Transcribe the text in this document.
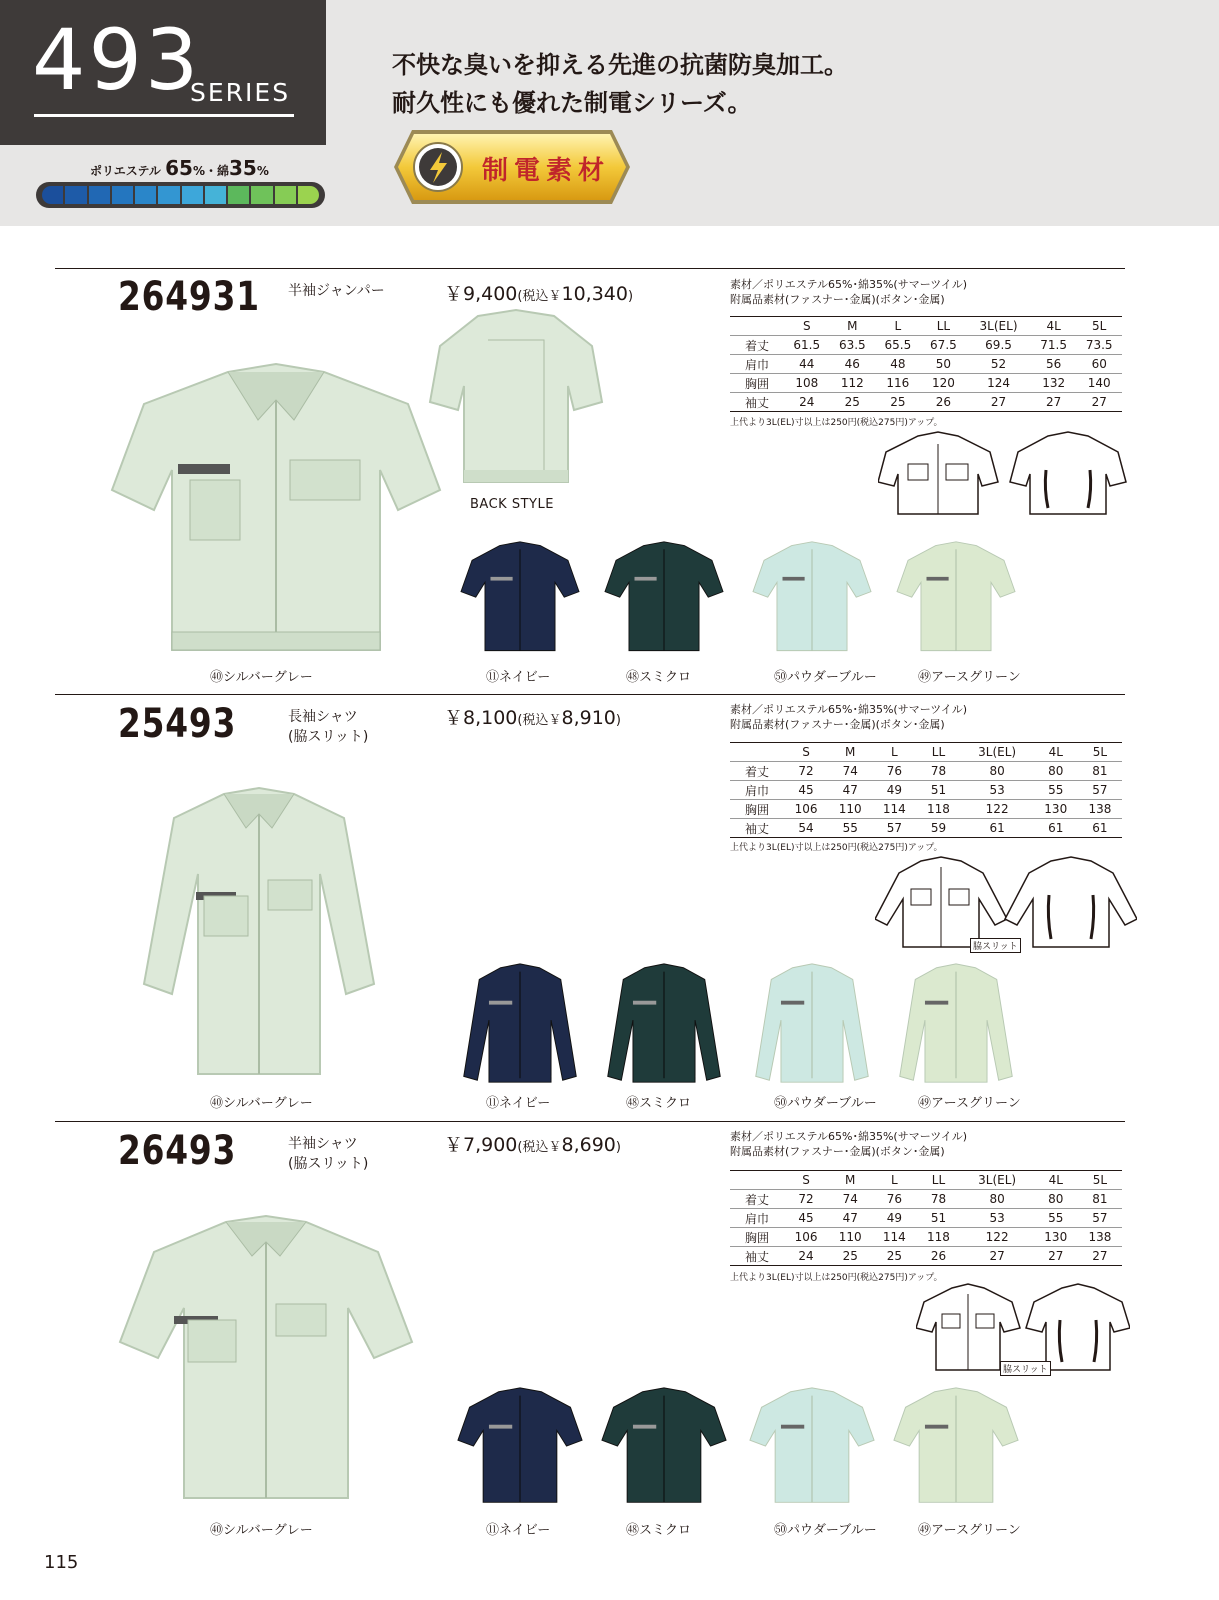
493
SERIES
不快な臭いを抑える先進の抗菌防臭加工。
耐久性にも優れた制電シリーズ。
ポリエステル 65%・綿35%	制電素材
264931 半袖ジャンパー	￥9,400(税込￥10,340)
素材／ポリエステル65%･綿35%(サマーツイル)
附属品素材(ファスナー･金属)(ボタン･金属)
	S	M	L	LL	3L(EL)	4L	5L
着丈	61.5	63.5	65.5	67.5	69.5	71.5	73.5
肩巾	44	46	48	50	52	56	60
胸囲	108	112	116	120	124	132	140
袖丈	24	25	25	26	27	27	27
上代より3L(EL)寸以上は250円(税込275円)アップ。
㊵シルバーグレー
BACK STYLE
25493	長袖シャツ
(脇スリット)
￥8,100(税込￥8,910)
素材／ポリエステル65%･綿35%(サマーツイル)
附属品素材(ファスナー･金属)(ボタン･金属)
	S	M	L	LL	3L(EL)	4L	5L
着丈	72	74	76	78	80	80	81
肩巾	45	47	49	51	53	55	57
胸囲	106	110	114	118	122	130	138
袖丈	54	55	57	59	61	61	61
上代より3L(EL)寸以上は250円(税込275円)アップ。
㊵シルバーグレー
脇スリット
26493	半袖シャツ
(脇スリット)
￥7,900(税込￥8,690)
素材／ポリエステル65%･綿35%(サマーツイル)
附属品素材(ファスナー･金属)(ボタン･金属)
	S	M	L	LL	3L(EL)	4L	5L
着丈	72	74	76	78	80	80	81
肩巾	45	47	49	51	53	55	57
胸囲	106	110	114	118	122	130	138
袖丈	24	25	25	26	27	27	27
上代より3L(EL)寸以上は250円(税込275円)アップ。
㊵シルバーグレー
脇スリット
⑪ネイビー	㊽スミクロ	㊿パウダーブルー	㊾アースグリーン
⑪ネイビー	㊽スミクロ	㊿パウダーブルー	㊾アースグリーン
⑪ネイビー	㊽スミクロ	㊿パウダーブルー	㊾アースグリーン
115
